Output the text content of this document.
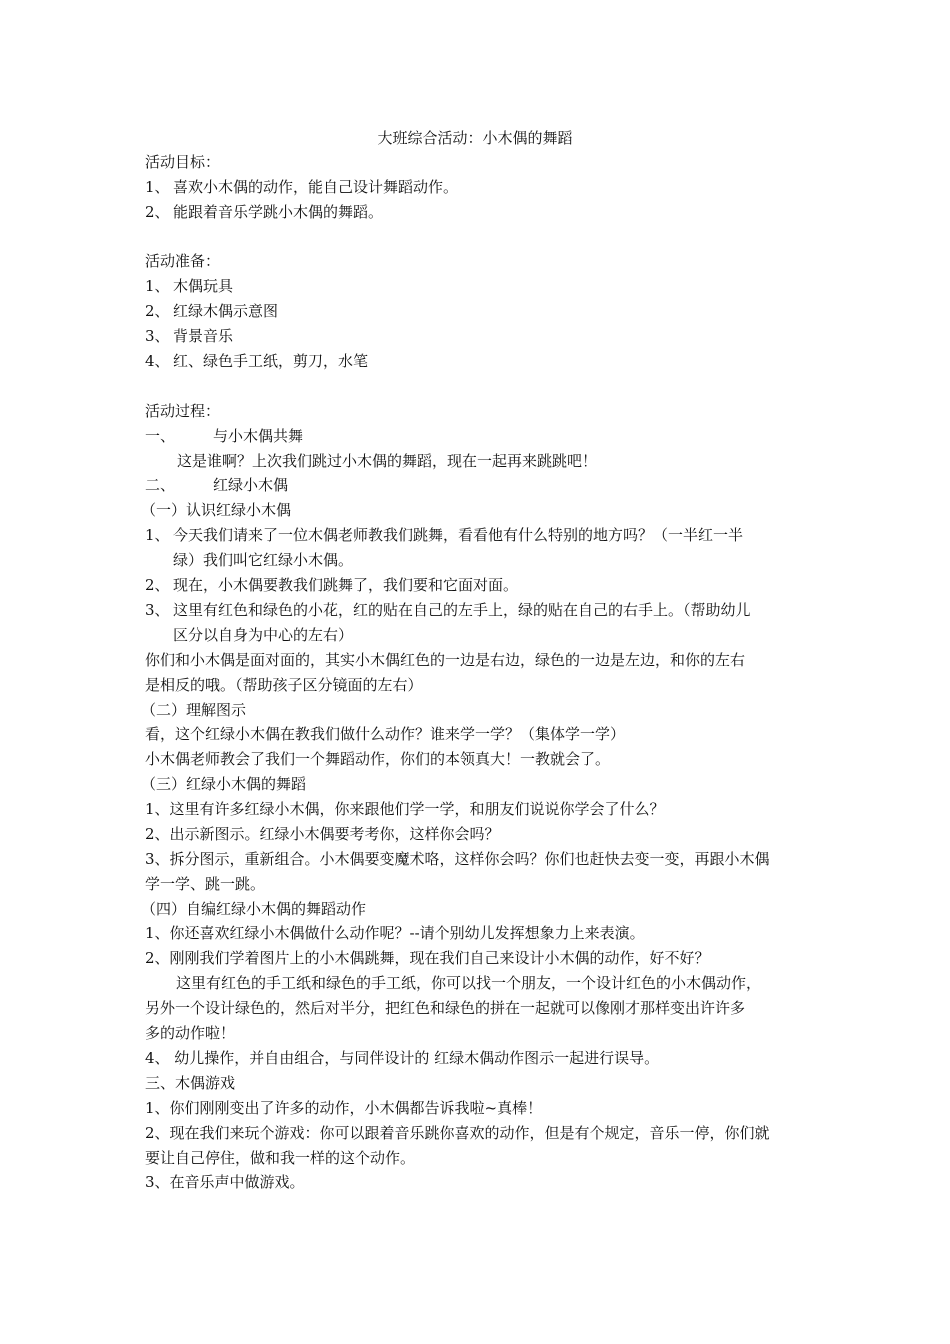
大班综合活动：小木偶的舞蹈
活动目标：
1、 喜欢小木偶的动作，能自己设计舞蹈动作。
2、 能跟着音乐学跳小木偶的舞蹈。
活动准备：
1、 木偶玩具
2、 红绿木偶示意图
3、 背景音乐
4、 红、绿色手工纸，剪刀，水笔
活动过程：
一、	与小木偶共舞
这是谁啊？上次我们跳过小木偶的舞蹈，现在一起再来跳跳吧！
二、	红绿小木偶
（一）认识红绿小木偶
1、 今天我们请来了一位木偶老师教我们跳舞，看看他有什么特别的地方吗？（一半红一半
绿）我们叫它红绿小木偶。
2、 现在，小木偶要教我们跳舞了，我们要和它面对面。
3、 这里有红色和绿色的小花，红的贴在自己的左手上，绿的贴在自己的右手上。（帮助幼儿
区分以自身为中心的左右）
你们和小木偶是面对面的，其实小木偶红色的一边是右边，绿色的一边是左边，和你的左右
是相反的哦。（帮助孩子区分镜面的左右）
（二）理解图示
看，这个红绿小木偶在教我们做什么动作？谁来学一学？（集体学一学）
小木偶老师教会了我们一个舞蹈动作，你们的本领真大！一教就会了。
（三）红绿小木偶的舞蹈
1、这里有许多红绿小木偶，你来跟他们学一学，和朋友们说说你学会了什么？
2、出示新图示。红绿小木偶要考考你，这样你会吗？
3、拆分图示，重新组合。小木偶要变魔术咯，这样你会吗？你们也赶快去变一变，再跟小木偶
学一学、跳一跳。
（四）自编红绿小木偶的舞蹈动作
1、你还喜欢红绿小木偶做什么动作呢？--请个别幼儿发挥想象力上来表演。
2、刚刚我们学着图片上的小木偶跳舞，现在我们自己来设计小木偶的动作，好不好？
这里有红色的手工纸和绿色的手工纸，你可以找一个朋友，一个设计红色的小木偶动作，
另外一个设计绿色的，然后对半分，把红色和绿色的拼在一起就可以像刚才那样变出许许多
多的动作啦！
4、 幼儿操作，并自由组合，与同伴设计的 红绿木偶动作图示一起进行误导。
三、木偶游戏
1、你们刚刚变出了许多的动作，小木偶都告诉我啦~真棒！
2、现在我们来玩个游戏：你可以跟着音乐跳你喜欢的动作，但是有个规定，音乐一停，你们就
要让自己停住，做和我一样的这个动作。
3、在音乐声中做游戏。
